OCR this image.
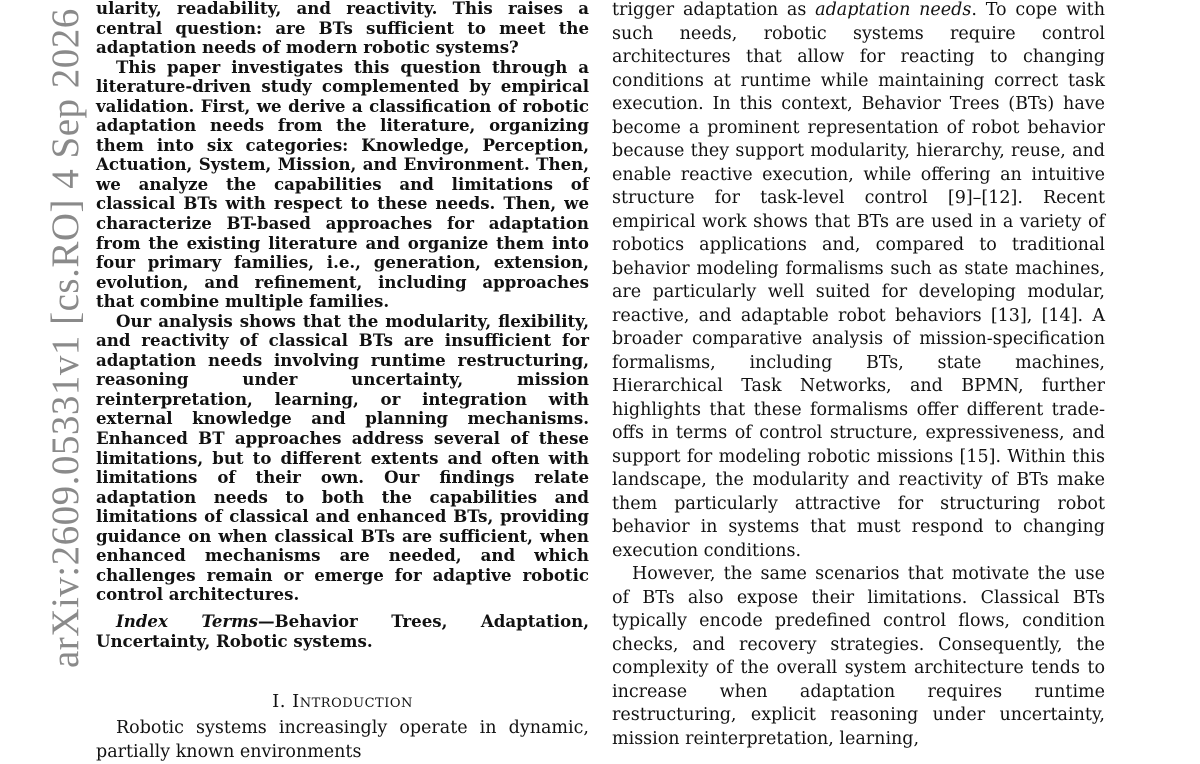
arXiv:2609.05331v1 [cs.RO] 4 Sep 2026

ularity, readability, and reactivity. This raises a central question: are BTs sufficient to meet the adaptation needs of modern robotic systems?

This paper investigates this question through a literature-driven study complemented by empirical validation. First, we derive a classification of robotic adaptation needs from the literature, organizing them into six categories: Knowledge, Perception, Actuation, System, Mission, and Environment. Then, we analyze the capabilities and limitations of classical BTs with respect to these needs. Then, we characterize BT-based approaches for adaptation from the existing literature and organize them into four primary families, i.e., generation, extension, evolution, and refinement, including approaches that combine multiple families.

Our analysis shows that the modularity, flexibility, and reactivity of classical BTs are insufficient for adaptation needs involving runtime restructuring, reasoning under uncertainty, mission reinterpretation, learning, or integration with external knowledge and planning mechanisms. Enhanced BT approaches address several of these limitations, but to different extents and often with limitations of their own. Our findings relate adaptation needs to both the capabilities and limitations of classical and enhanced BTs, providing guidance on when classical BTs are sufficient, when enhanced mechanisms are needed, and which challenges remain or emerge for adaptive robotic control architectures.

Index Terms—Behavior Trees, Adaptation, Uncertainty, Robotic systems.

I. Introduction

Robotic systems increasingly operate in dynamic, partially known environments

trigger adaptation as adaptation needs. To cope with such needs, robotic systems require control architectures that allow for reacting to changing conditions at runtime while maintaining correct task execution. In this context, Behavior Trees (BTs) have become a prominent representation of robot behavior because they support modularity, hierarchy, reuse, and enable reactive execution, while offering an intuitive structure for task-level control [9]–[12]. Recent empirical work shows that BTs are used in a variety of robotics applications and, compared to traditional behavior modeling formalisms such as state machines, are particularly well suited for developing modular, reactive, and adaptable robot behaviors [13], [14]. A broader comparative analysis of mission-specification formalisms, including BTs, state machines, Hierarchical Task Networks, and BPMN, further highlights that these formalisms offer different trade-offs in terms of control structure, expressiveness, and support for modeling robotic missions [15]. Within this landscape, the modularity and reactivity of BTs make them particularly attractive for structuring robot behavior in systems that must respond to changing execution conditions.

However, the same scenarios that motivate the use of BTs also expose their limitations. Classical BTs typically encode predefined control flows, condition checks, and recovery strategies. Consequently, the complexity of the overall system architecture tends to increase when adaptation requires runtime restructuring, explicit reasoning under uncertainty, mission reinterpretation, learning,
